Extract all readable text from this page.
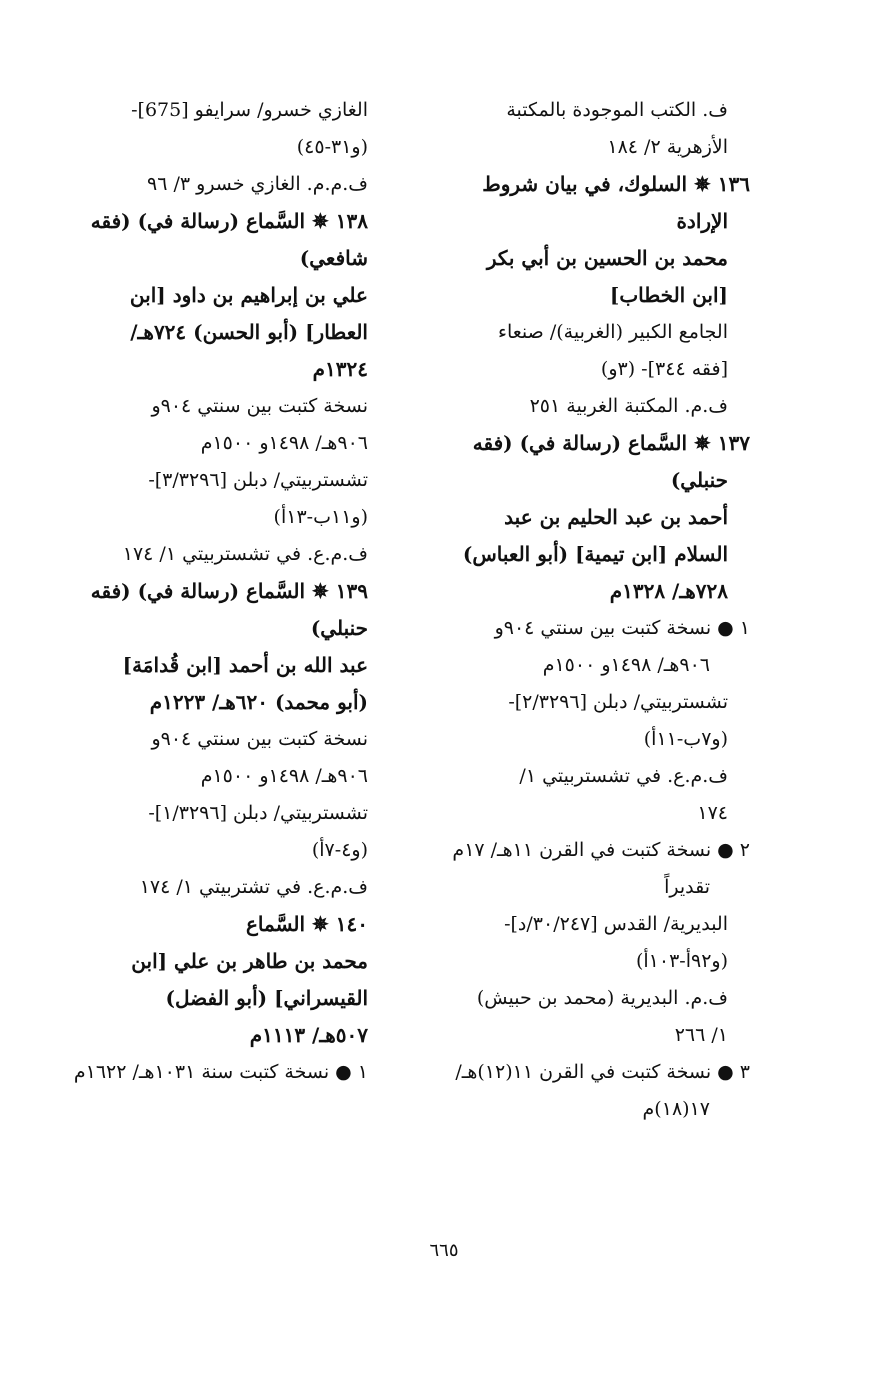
ف. الكتب الموجودة بالمكتبة
الأزهرية ٢/ ١٨٤
١٣٦ ✵ السلوك، في بيان شروط
الإرادة
محمد بن الحسين بن أبي بكر
[ابن الخطاب]
الجامع الكبير (الغربية)/ صنعاء
[فقه ٣٤٤]- (٣و)
ف.م. المكتبة الغربية ٢٥١
١٣٧ ✵ السَّماع (رسالة في) (فقه
حنبلي)
أحمد بن عبد الحليم بن عبد
السلام [ابن تيمية] (أبو العباس)
٧٢٨هـ/ ١٣٢٨م
١ ● نسخة كتبت بين سنتي ٩٠٤و
٩٠٦هـ/ ١٤٩٨و ١٥٠٠م
تشستربيتي/ دبلن [٢/٣٢٩٦]-
(و٧ب-١١أ)
ف.م.ع. في تشستربيتي ١/
١٧٤
٢ ● نسخة كتبت في القرن ١١هـ/ ١٧م
تقديراً
البديرية/ القدس [٣٠/٢٤٧/د]-
(و٩٢أ-١٠٣أ)
ف.م. البديرية (محمد بن حبيش)
١/ ٢٦٦
٣ ● نسخة كتبت في القرن ١١(١٢)هـ/
١٧(١٨)م
الغازي خسرو/ سرايفو [675]-
(و٣١-٤٥)
ف.م.م. الغازي خسرو ٣/ ٩٦
١٣٨ ✵ السَّماع (رسالة في) (فقه
شافعي)
علي بن إبراهيم بن داود [ابن
العطار] (أبو الحسن) ٧٢٤هـ/
١٣٢٤م
نسخة كتبت بين سنتي ٩٠٤و
٩٠٦هـ/ ١٤٩٨و ١٥٠٠م
تشستربيتي/ دبلن [٣/٣٢٩٦]-
(و١١ب-١٣أ)
ف.م.ع. في تشستربيتي ١/ ١٧٤
١٣٩ ✵ السَّماع (رسالة في) (فقه
حنبلي)
عبد الله بن أحمد [ابن قُدامَة]
(أبو محمد) ٦٢٠هـ/ ١٢٢٣م
نسخة كتبت بين سنتي ٩٠٤و
٩٠٦هـ/ ١٤٩٨و ١٥٠٠م
تشستربيتي/ دبلن [١/٣٢٩٦]-
(و٤-٧أ)
ف.م.ع. في تشتربيتي ١/ ١٧٤
١٤٠ ✵ السَّماع
محمد بن طاهر بن علي [ابن
القيسراني] (أبو الفضل)
٥٠٧هـ/ ١١١٣م
١ ● نسخة كتبت سنة ١٠٣١هـ/ ١٦٢٢م
٦٦٥
